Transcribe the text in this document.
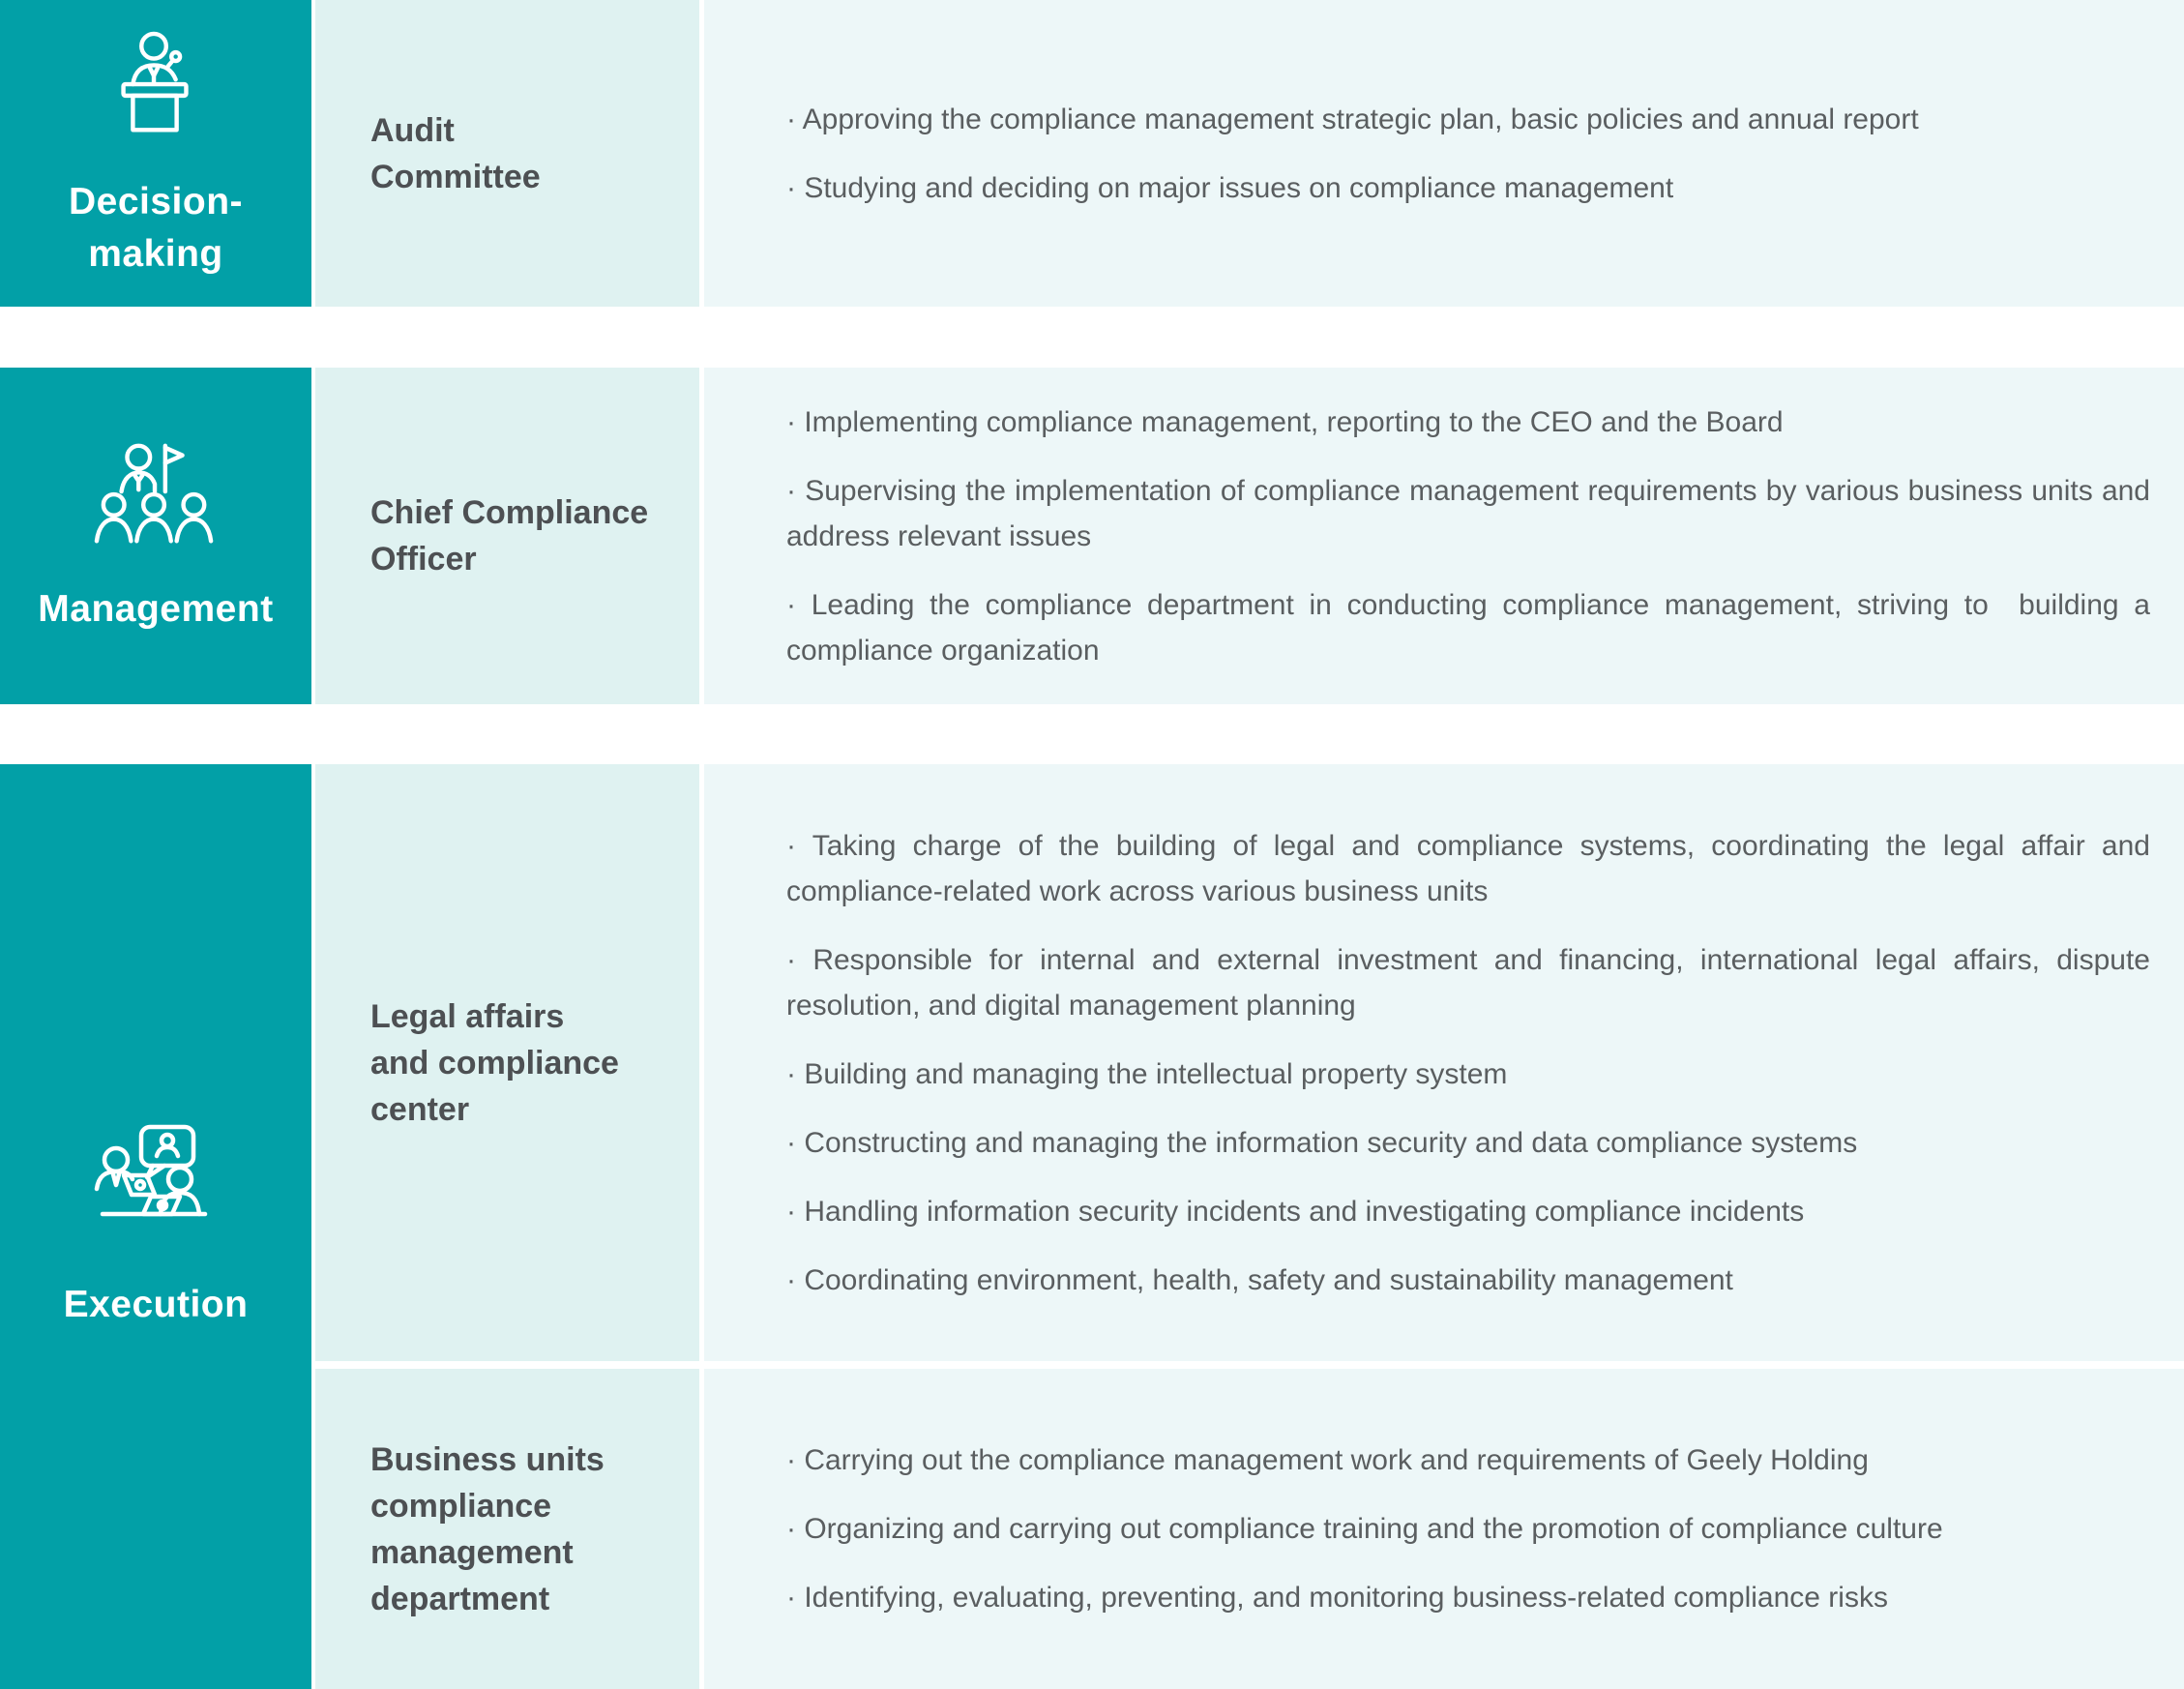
Decision-
making
Audit
Committee

· Approving the compliance management strategic plan, basic policies and annual report

· Studying and deciding on major issues on compliance management

Management
Chief Compliance
Officer

· Implementing compliance management, reporting to the CEO and the Board

· Supervising the implementation of compliance management requirements by various business units and address relevant issues

· Leading the compliance department in conducting compliance management, striving to  building a compliance organization

Execution
Legal affairs
and compliance
center

· Taking charge of the building of legal and compliance systems, coordinating the legal affair and compliance-related work across various business units

· Responsible for internal and external investment and financing, international legal affairs, dispute resolution, and digital management planning

· Building and managing the intellectual property system

· Constructing and managing the information security and data compliance systems

· Handling information security incidents and investigating compliance incidents

· Coordinating environment, health, safety and sustainability management

Business units
compliance
management
department

· Carrying out the compliance management work and requirements of Geely Holding

· Organizing and carrying out compliance training and the promotion of compliance culture

· Identifying, evaluating, preventing, and monitoring business-related compliance risks
